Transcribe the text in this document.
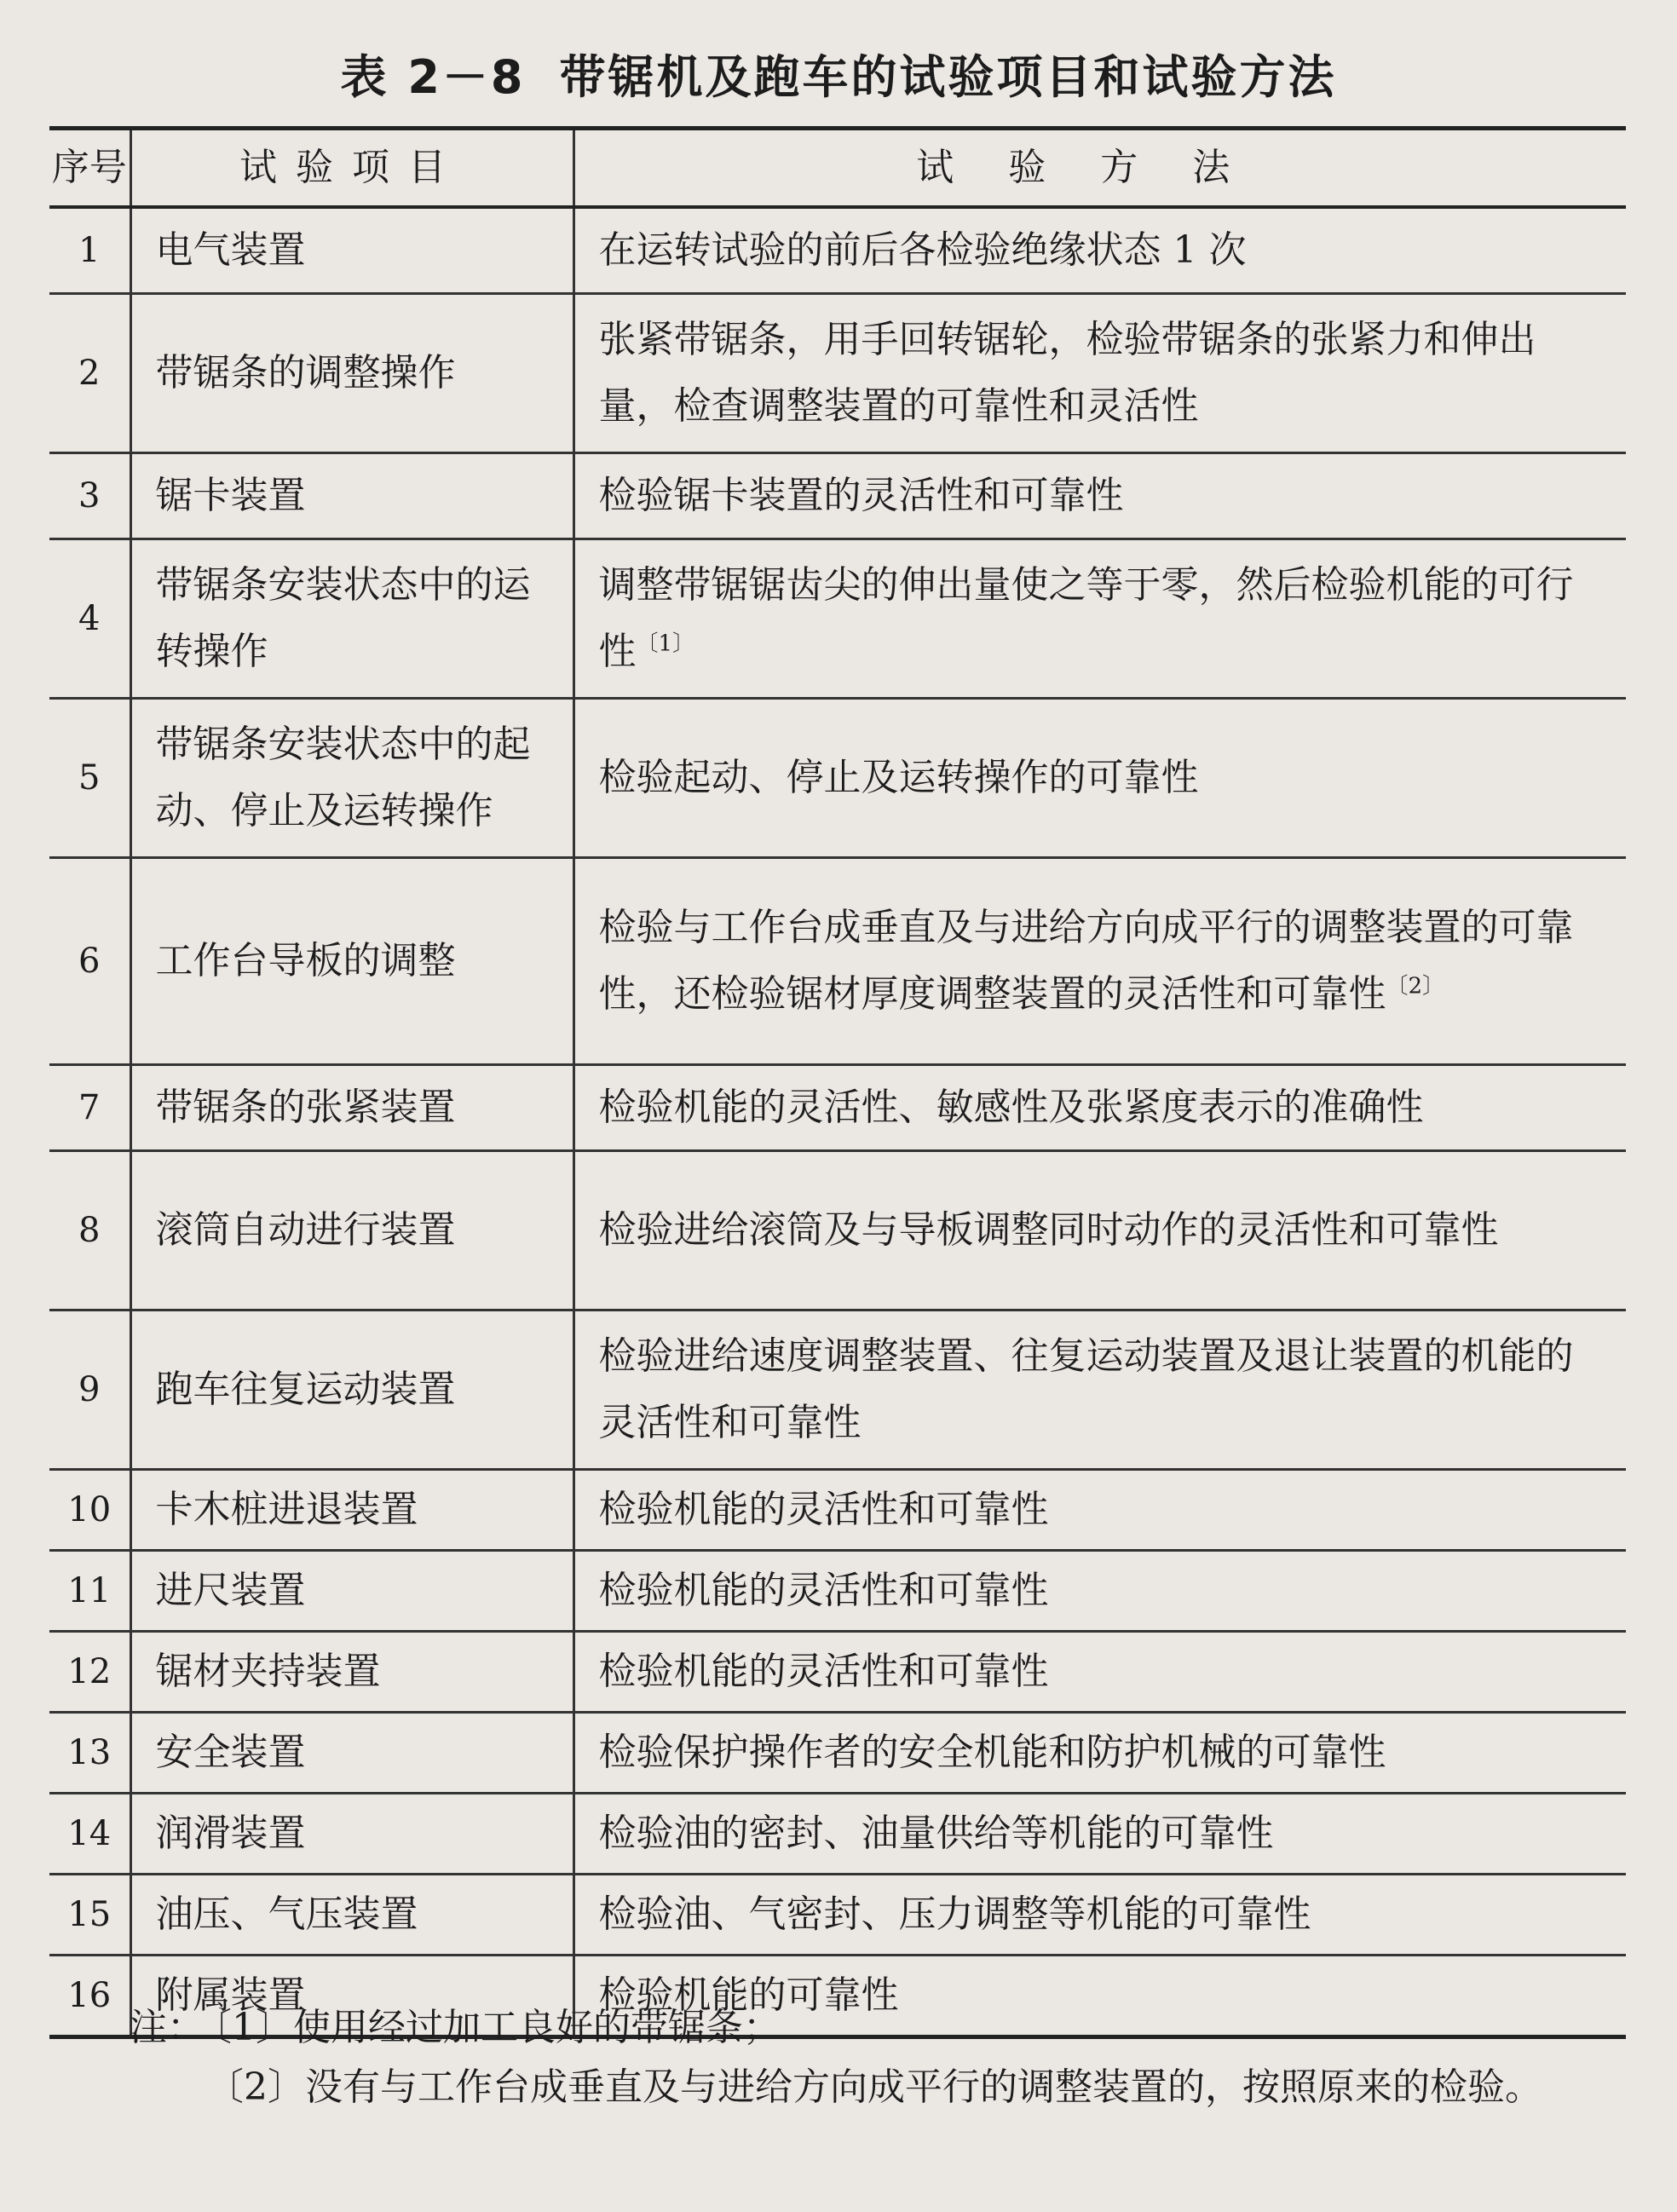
表 2－8 带锯机及跑车的试验项目和试验方法
序号	试验项目	试验方法
1	电气装置	在运转试验的前后各检验绝缘状态 1 次
2	带锯条的调整操作	张紧带锯条，用手回转锯轮，检验带锯条的张紧力和伸出量，检查调整装置的可靠性和灵活性
3	锯卡装置	检验锯卡装置的灵活性和可靠性
4	带锯条安装状态中的运转操作	调整带锯锯齿尖的伸出量使之等于零，然后检验机能的可行性$^{〔1〕}$
5	带锯条安装状态中的起动、停止及运转操作	检验起动、停止及运转操作的可靠性
6	工作台导板的调整	检验与工作台成垂直及与进给方向成平行的调整装置的可靠性，还检验锯材厚度调整装置的灵活性和可靠性$^{〔2〕}$
7	带锯条的张紧装置	检验机能的灵活性、敏感性及张紧度表示的准确性
8	滚筒自动进行装置	检验进给滚筒及与导板调整同时动作的灵活性和可靠性
9	跑车往复运动装置	检验进给速度调整装置、往复运动装置及退让装置的机能的灵活性和可靠性
10	卡木桩进退装置	检验机能的灵活性和可靠性
11	进尺装置	检验机能的灵活性和可靠性
12	锯材夹持装置	检验机能的灵活性和可靠性
13	安全装置	检验保护操作者的安全机能和防护机械的可靠性
14	润滑装置	检验油的密封、油量供给等机能的可靠性
15	油压、气压装置	检验油、气密封、压力调整等机能的可靠性
16	附属装置	检验机能的可靠性
注： 〔1〕使用经过加工良好的带锯条；
〔2〕没有与工作台成垂直及与进给方向成平行的调整装置的，按照原来的检验。
